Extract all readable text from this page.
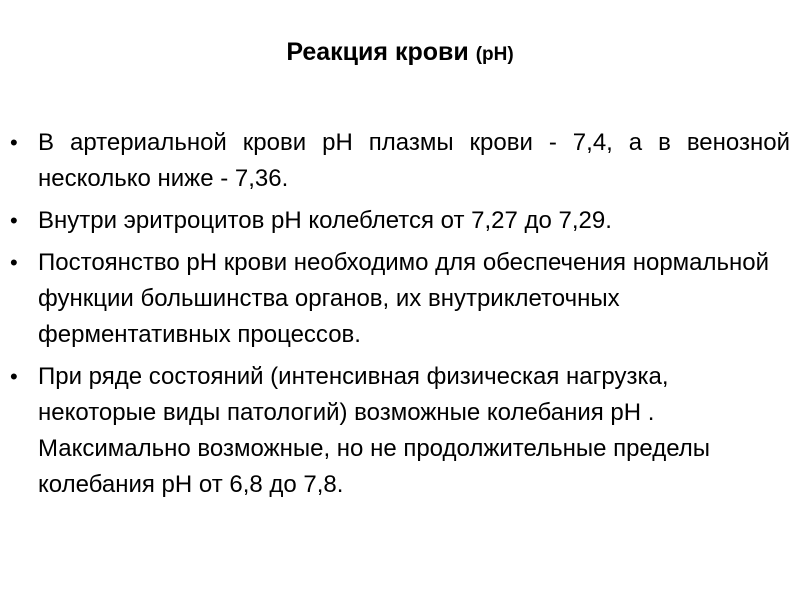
Реакция крови (рН)
• В артериальной крови рН плазмы крови - 7,4, а в венозной несколько ниже - 7,36.
• Внутри эритроцитов рН колеблется от 7,27 до 7,29.
• Постоянство рН крови необходимо для обеспечения нормальной функции большинства органов, их внутриклеточных ферментативных процессов.
• При ряде состояний (интенсивная физическая нагрузка, некоторые виды патологий) возможные колебания рН . Максимально возможные, но не продолжительные пределы колебания рН от 6,8 до 7,8.
